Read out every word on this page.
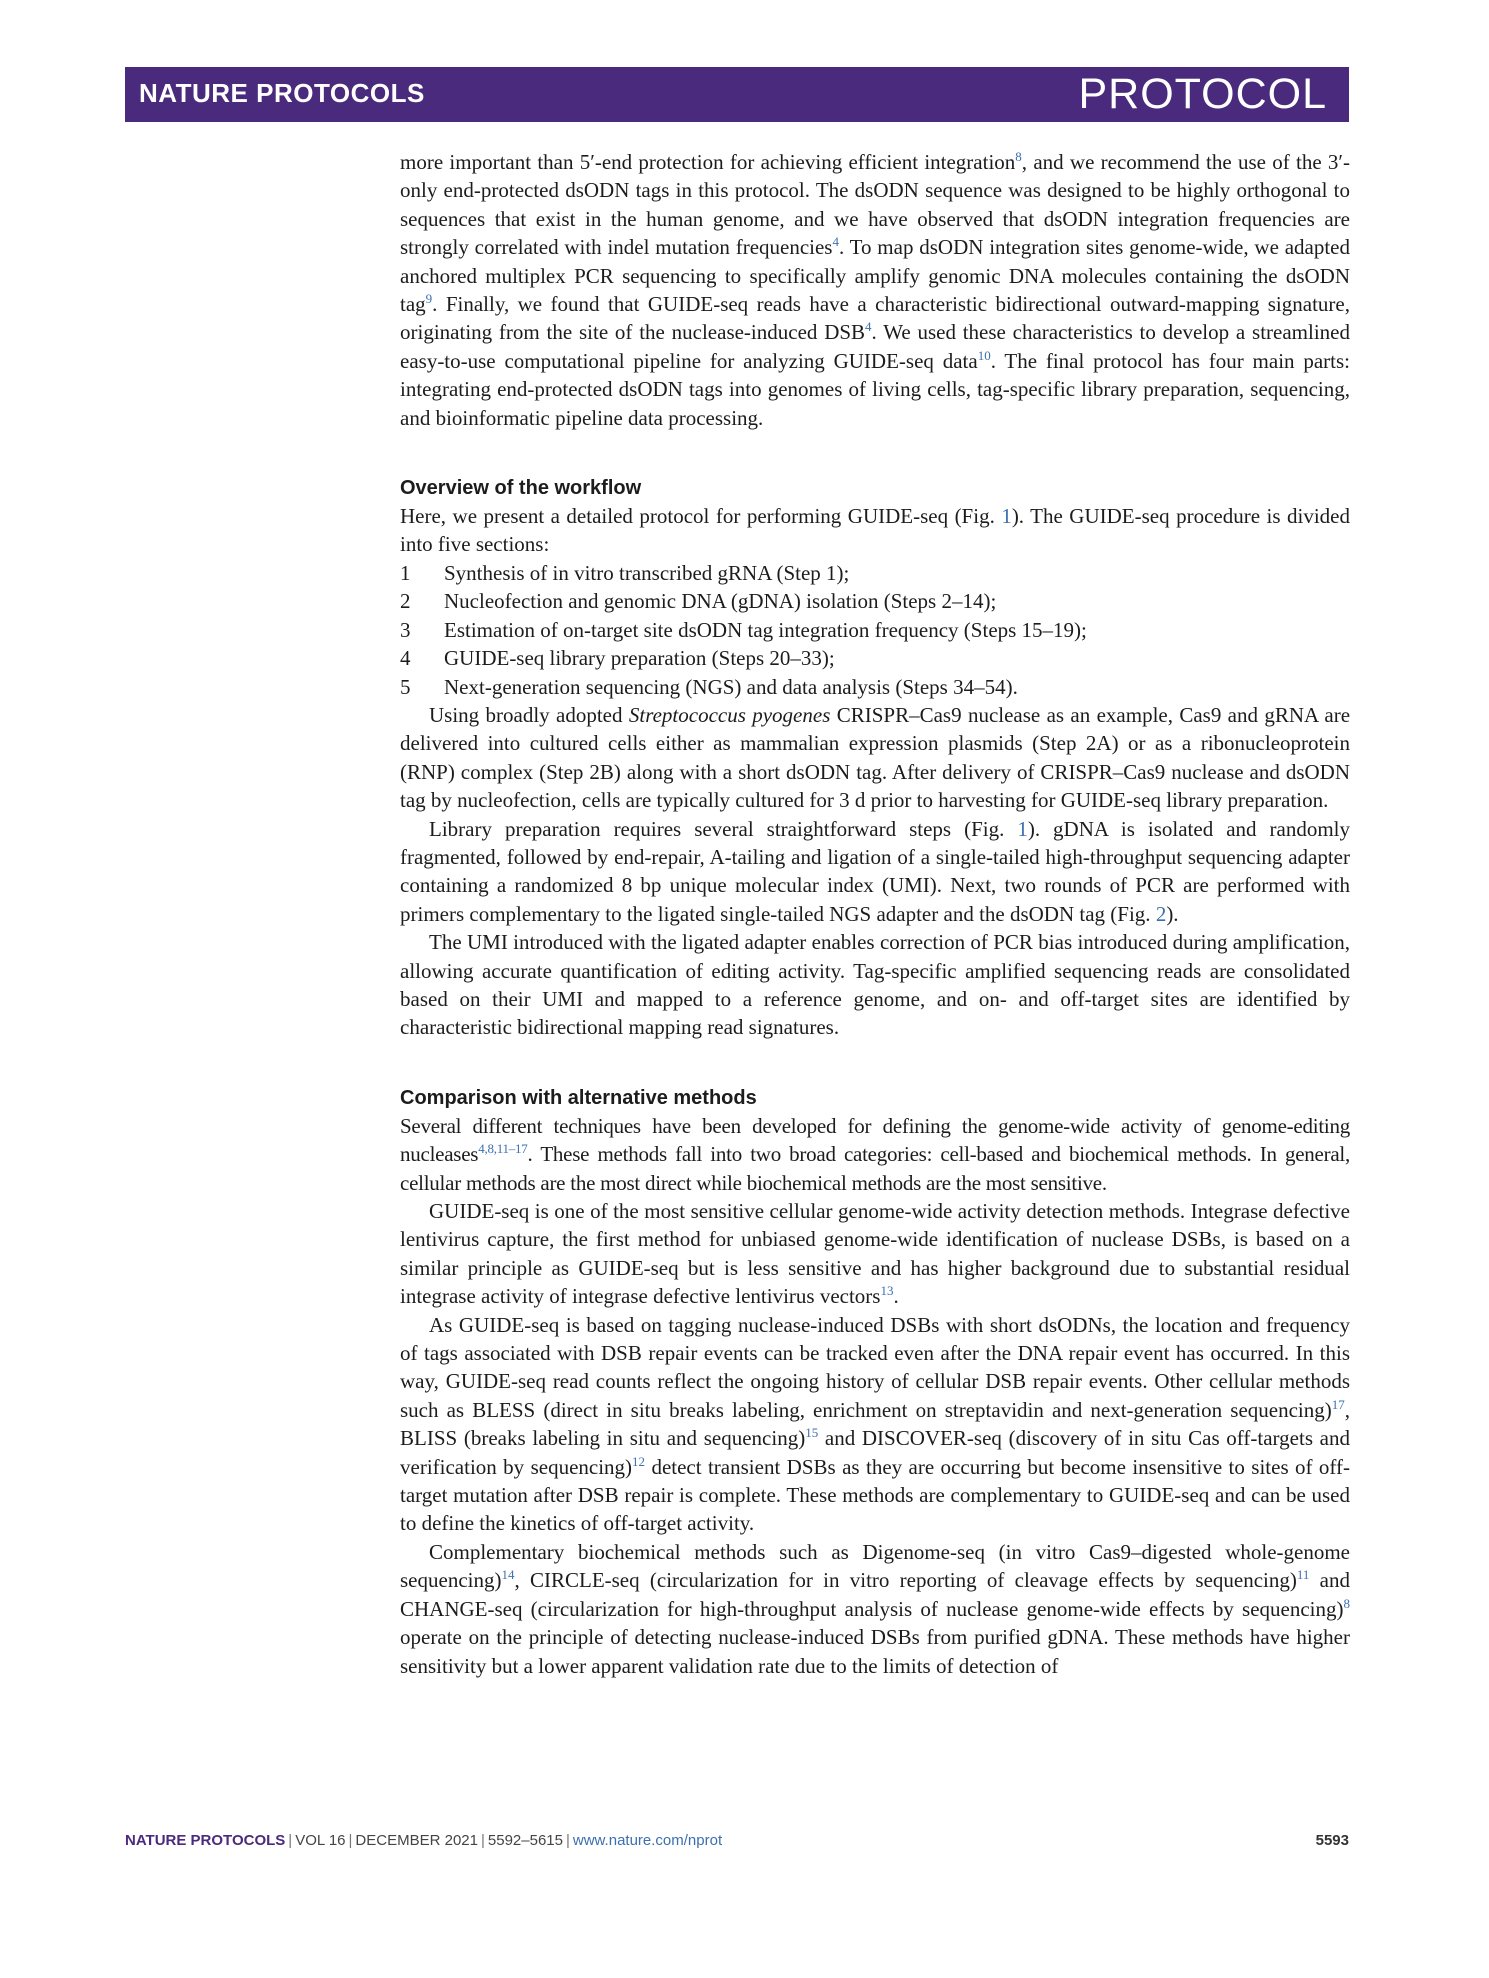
NATURE PROTOCOLS	PROTOCOL

more important than 5′-end protection for achieving efficient integration$^8$, and we recommend the use of the 3′-only end-protected dsODN tags in this protocol. The dsODN sequence was designed to be highly orthogonal to sequences that exist in the human genome, and we have observed that dsODN integration frequencies are strongly correlated with indel mutation frequencies$^4$. To map dsODN integration sites genome-wide, we adapted anchored multiplex PCR sequencing to specifically amplify genomic DNA molecules containing the dsODN tag$^9$. Finally, we found that GUIDE-seq reads have a characteristic bidirectional outward-mapping signature, originating from the site of the nuclease-induced DSB$^4$. We used these characteristics to develop a streamlined easy-to-use computational pipeline for analyzing GUIDE-seq data$^{10}$. The final protocol has four main parts: integrating end-protected dsODN tags into genomes of living cells, tag-specific library preparation, sequencing, and bioinformatic pipeline data processing.

Overview of the workflow

Here, we present a detailed protocol for performing GUIDE-seq (Fig. 1). The GUIDE-seq procedure is divided into five sections:

1 Synthesis of in vitro transcribed gRNA (Step 1);
2 Nucleofection and genomic DNA (gDNA) isolation (Steps 2–14);
3 Estimation of on-target site dsODN tag integration frequency (Steps 15–19);
4 GUIDE-seq library preparation (Steps 20–33);
5 Next-generation sequencing (NGS) and data analysis (Steps 34–54).

Using broadly adopted Streptococcus pyogenes CRISPR–Cas9 nuclease as an example, Cas9 and gRNA are delivered into cultured cells either as mammalian expression plasmids (Step 2A) or as a ribonucleoprotein (RNP) complex (Step 2B) along with a short dsODN tag. After delivery of CRISPR–Cas9 nuclease and dsODN tag by nucleofection, cells are typically cultured for 3 d prior to harvesting for GUIDE-seq library preparation.

Library preparation requires several straightforward steps (Fig. 1). gDNA is isolated and randomly fragmented, followed by end-repair, A-tailing and ligation of a single-tailed high-throughput sequencing adapter containing a randomized 8 bp unique molecular index (UMI). Next, two rounds of PCR are performed with primers complementary to the ligated single-tailed NGS adapter and the dsODN tag (Fig. 2).

The UMI introduced with the ligated adapter enables correction of PCR bias introduced during amplification, allowing accurate quantification of editing activity. Tag-specific amplified sequencing reads are consolidated based on their UMI and mapped to a reference genome, and on- and off-target sites are identified by characteristic bidirectional mapping read signatures.

Comparison with alternative methods

Several different techniques have been developed for defining the genome-wide activity of genome-editing nucleases$^{4,8,11-17}$. These methods fall into two broad categories: cell-based and biochemical methods. In general, cellular methods are the most direct while biochemical methods are the most sensitive.

GUIDE-seq is one of the most sensitive cellular genome-wide activity detection methods. Integrase defective lentivirus capture, the first method for unbiased genome-wide identification of nuclease DSBs, is based on a similar principle as GUIDE-seq but is less sensitive and has higher background due to substantial residual integrase activity of integrase defective lentivirus vectors$^{13}$.

As GUIDE-seq is based on tagging nuclease-induced DSBs with short dsODNs, the location and frequency of tags associated with DSB repair events can be tracked even after the DNA repair event has occurred. In this way, GUIDE-seq read counts reflect the ongoing history of cellular DSB repair events. Other cellular methods such as BLESS (direct in situ breaks labeling, enrichment on streptavidin and next-generation sequencing)$^{17}$, BLISS (breaks labeling in situ and sequencing)$^{15}$ and DISCOVER-seq (discovery of in situ Cas off-targets and verification by sequencing)$^{12}$ detect transient DSBs as they are occurring but become insensitive to sites of off-target mutation after DSB repair is complete. These methods are complementary to GUIDE-seq and can be used to define the kinetics of off-target activity.

Complementary biochemical methods such as Digenome-seq (in vitro Cas9–digested whole-genome sequencing)$^{14}$, CIRCLE-seq (circularization for in vitro reporting of cleavage effects by sequencing)$^{11}$ and CHANGE-seq (circularization for high-throughput analysis of nuclease genome-wide effects by sequencing)$^8$ operate on the principle of detecting nuclease-induced DSBs from purified gDNA. These methods have higher sensitivity but a lower apparent validation rate due to the limits of detection of

NATURE PROTOCOLS | VOL 16 | DECEMBER 2021 | 5592–5615 | www.nature.com/nprot	5593
